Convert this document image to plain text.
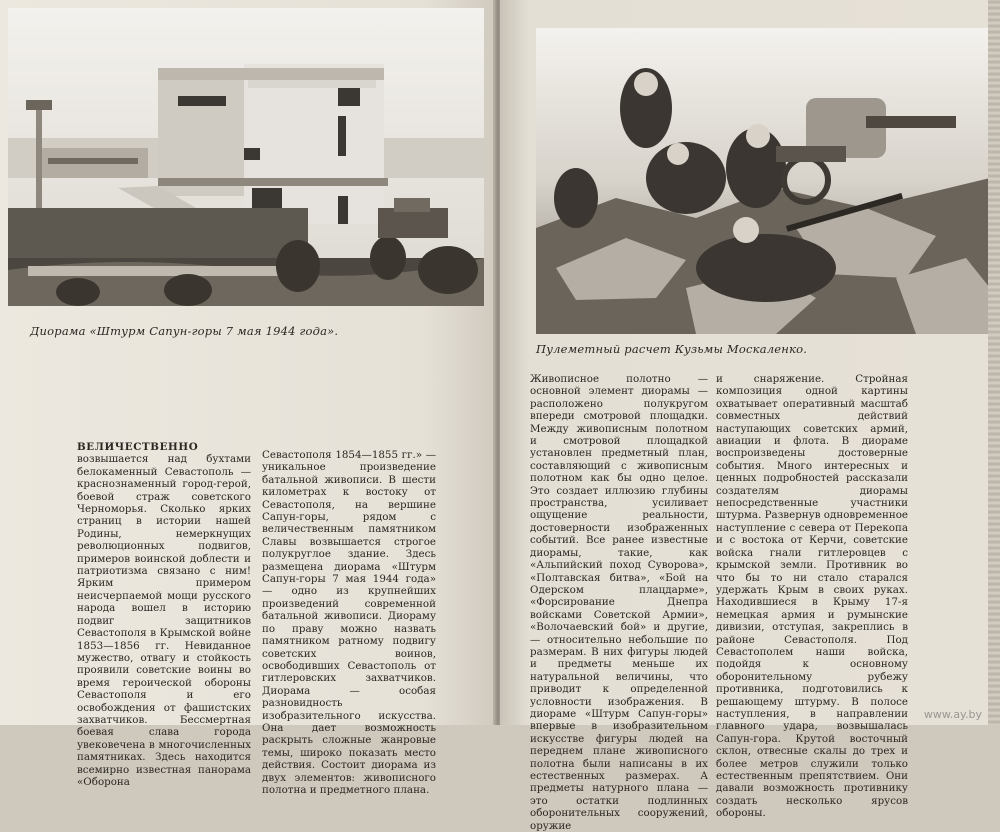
Диорама «Штурм Сапун-горы 7 мая 1944 года».

ВЕЛИЧЕСТВЕННО возвышается над бухтами белокаменный Севастополь — краснознаменный город-герой, боевой страж советского Черноморья. Сколько ярких страниц в истории нашей Родины, немеркнущих революционных подвигов, примеров воинской доблести и патриотизма связано с ним! Ярким примером неисчерпаемой мощи русского народа вошел в историю подвиг защитников Севастополя в Крымской войне 1853—1856 гг. Невиданное мужество, отвагу и стойкость проявили советские воины во время героической обороны Севастополя и его освобождения от фашистских захватчиков. Бессмертная боевая слава города увековечена в многочисленных памятниках. Здесь находится всемирно известная панорама «Оборона

Севастополя 1854—1855 гг.» — уникальное произведение батальной живописи. В шести километрах к востоку от Севастополя, на вершине Сапун-горы, рядом с величественным памятником Славы возвышается строгое полукруглое здание. Здесь размещена диорама «Штурм Сапун-горы 7 мая 1944 года» — одно из крупнейших произведений современной батальной живописи. Диораму по праву можно назвать памятником ратному подвигу советских воинов, освободивших Севастополь от гитлеровских захватчиков. Диорама — особая разновидность изобразительного искусства. Она дает возможность раскрыть сложные жанровые темы, широко показать место действия. Состоит диорама из двух элементов: живописного полотна и предметного плана.
Пулеметный расчет Кузьмы Москаленко.
Живописное полотно — основной элемент диорамы — расположено полукругом впереди смотровой площадки. Между живописным полотном и смотровой площадкой установлен предметный план, составляющий с живописным полотном как бы одно целое. Это создает иллюзию глубины пространства, усиливает ощущение реальности, достоверности изображенных событий. Все ранее известные диорамы, такие, как «Альпийский поход Суворова», «Полтавская битва», «Бой на Одерском плацдарме», «Форсирование Днепра войсками Советской Армии», «Волочаевский бой» и другие, — относительно небольшие по размерам. В них фигуры людей и предметы меньше их натуральной величины, что приводит к определенной условности изображения. В диораме «Штурм Сапун-горы» впервые в изобразительном искусстве фигуры людей на переднем плане живописного полотна были написаны в их естественных размерах. А предметы натурного плана — это остатки подлинных оборонительных сооружений, оружие
и снаряжение. Стройная композиция одной картины охватывает оперативный масштаб совместных действий наступающих советских армий, авиации и флота. В диораме воспроизведены достоверные события. Много интересных и ценных подробностей рассказали создателям диорамы непосредственные участники штурма. Развернув одновременное наступление с севера от Перекопа и с востока от Керчи, советские войска гнали гитлеровцев с крымской земли. Противник во что бы то ни стало старался удержать Крым в своих руках. Находившиеся в Крыму 17-я немецкая армия и румынские дивизии, отступая, закреплись в районе Севастополя. Под Севастополем наши войска, подойдя к основному оборонительному рубежу противника, подготовились к решающему штурму. В полосе наступления, в направлении главного удара, возвышалась Сапун-гора. Крутой восточный склон, отвесные скалы до трех и более метров служили только естественным препятствием. Они давали возможность противнику создать несколько ярусов обороны.
www.ay.by
